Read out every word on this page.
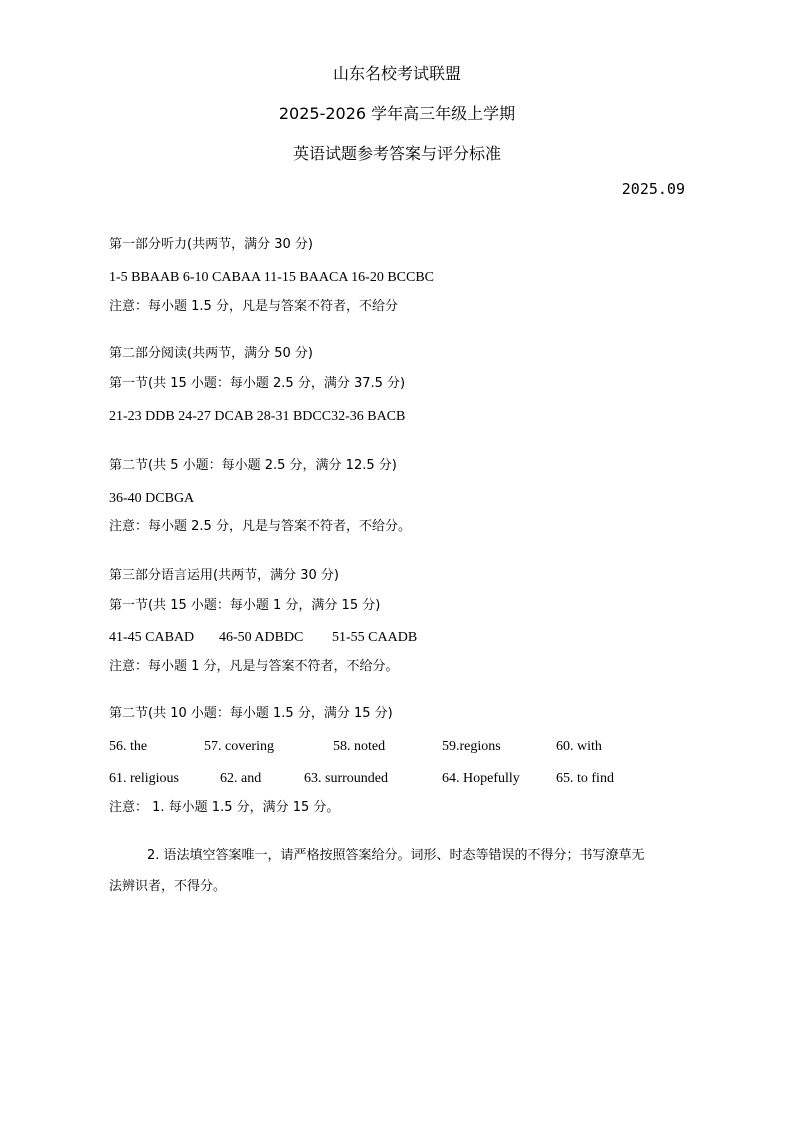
山东名校考试联盟
2025-2026 学年高三年级上学期
英语试题参考答案与评分标准
2025.09
第一部分听力(共两节，满分 30 分)
1-5 BBAAB 6-10 CABAA 11-15 BAACA 16-20 BCCBC
注意：每小题 1.5 分，凡是与答案不符者，不给分
第二部分阅读(共两节，满分 50 分)
第一节(共 15 小题：每小题 2.5 分，满分 37.5 分)
21-23 DDB 24-27 DCAB 28-31 BDCC32-36 BACB
第二节(共 5 小题：每小题 2.5 分，满分 12.5 分)
36-40 DCBGA
注意：每小题 2.5 分，凡是与答案不符者，不给分。
第三部分语言运用(共两节，满分 30 分)
第一节(共 15 小题：每小题 1 分，满分 15 分)
41-45 CABAD 46-50 ADBDC 51-55 CAADB
注意：每小题 1 分，凡是与答案不符者，不给分。
第二节(共 10 小题：每小题 1.5 分，满分 15 分)
56. the	57. covering	58. noted	59.regions	60. with
61. religious	62. and	63. surrounded	64. Hopefully	65. to find
注意： 1. 每小题 1.5 分，满分 15 分。
2. 语法填空答案唯一，请严格按照答案给分。词形、时态等错误的不得分；书写潦草无
法辨识者，不得分。
